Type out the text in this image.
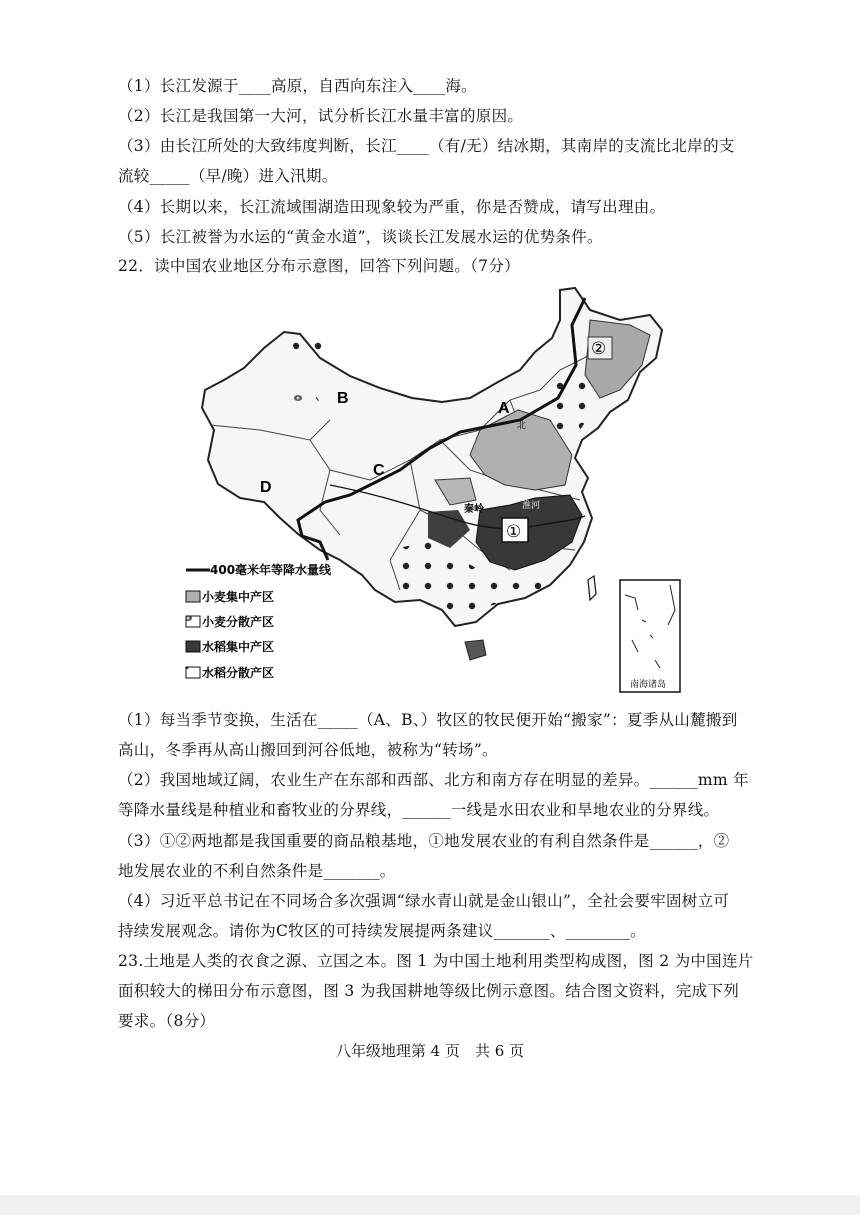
（1）长江发源于____高原，自西向东注入____海。
（2）长江是我国第一大河，试分析长江水量丰富的原因。
（3）由长江所处的大致纬度判断，长江____（有/无）结冰期，其南岸的支流比北岸的支
流较_____（早/晚）进入汛期。
（4）长期以来，长江流域围湖造田现象较为严重，你是否赞成，请写出理由。
（5）长江被誉为水运的“黄金水道”，谈谈长江发展水运的优势条件。
22．读中国农业地区分布示意图，回答下列问题。（7分）
A
B
C
D
北
秦岭	淮河
①
②
南海诸岛
400毫米年等降水量线
小麦集中产区
小麦分散产区
水稻集中产区
水稻分散产区
（1）每当季节变换，生活在_____（A、B、）牧区的牧民便开始“搬家”：夏季从山麓搬到
高山，冬季再从高山搬回到河谷低地，被称为“转场”。
（2）我国地域辽阔，农业生产在东部和西部、北方和南方存在明显的差异。______mm 年
等降水量线是种植业和畜牧业的分界线，______一线是水田农业和旱地农业的分界线。
（3）①②两地都是我国重要的商品粮基地，①地发展农业的有利自然条件是______，②
地发展农业的不利自然条件是_______。
（4）习近平总书记在不同场合多次强调“绿水青山就是金山银山”，全社会要牢固树立可
持续发展观念。请你为C牧区的可持续发展提两条建议_______、________。
23.土地是人类的衣食之源、立国之本。图 1 为中国土地利用类型构成图，图 2 为中国连片
面积较大的梯田分布示意图，图 3 为我国耕地等级比例示意图。结合图文资料，完成下列
要求。（8分）
八年级地理第 4 页　共 6 页
